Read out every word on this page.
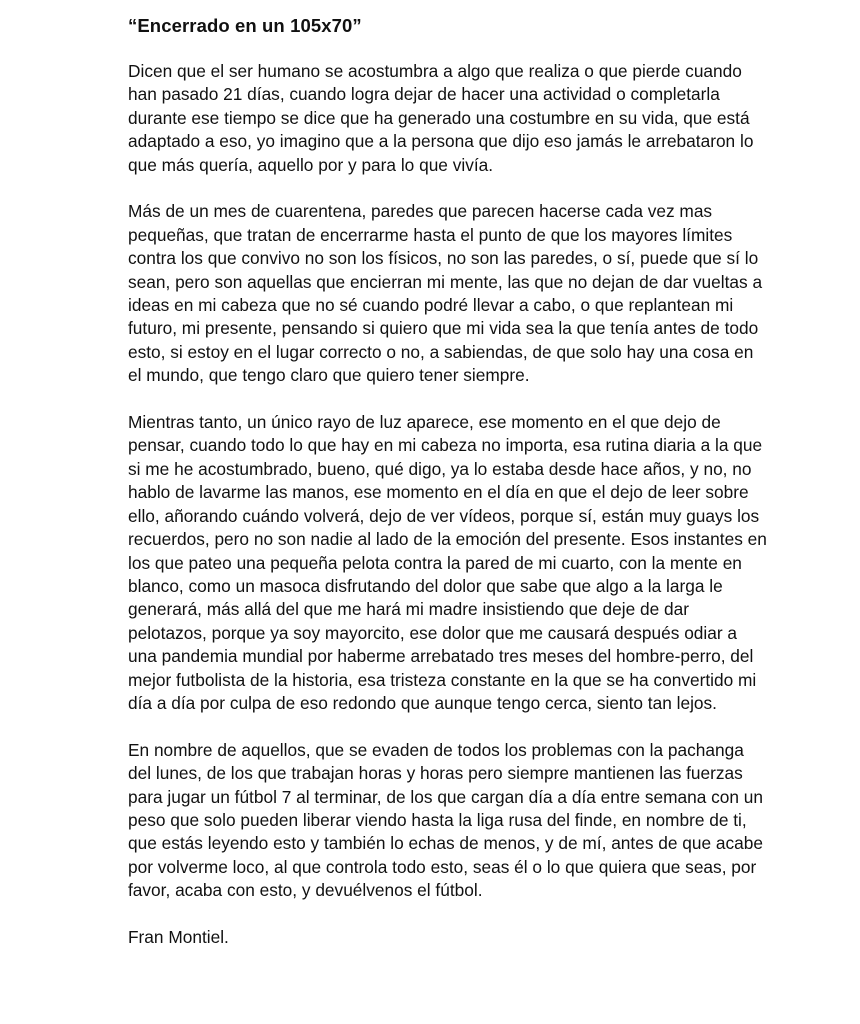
“Encerrado en un 105x70”

Dicen que el ser humano se acostumbra a algo que realiza o que pierde cuando han pasado 21 días, cuando logra dejar de hacer una actividad o completarla durante ese tiempo se dice que ha generado una costumbre en su vida, que está adaptado a eso, yo imagino que a la persona que dijo eso jamás le arrebataron lo que más quería, aquello por y para lo que vivía.

Más de un mes de cuarentena, paredes que parecen hacerse cada vez mas pequeñas, que tratan de encerrarme hasta el punto de que los mayores límites contra los que convivo no son los físicos, no son las paredes, o sí, puede que sí lo sean, pero son aquellas que encierran mi mente, las que no dejan de dar vueltas a ideas en mi cabeza que no sé cuando podré llevar a cabo, o que replantean mi futuro, mi presente, pensando si quiero que mi vida sea la que tenía antes de todo esto, si estoy en el lugar correcto o no, a sabiendas, de que solo hay una cosa en el mundo, que tengo claro que quiero tener siempre.

Mientras tanto, un único rayo de luz aparece, ese momento en el que dejo de pensar, cuando todo lo que hay en mi cabeza no importa, esa rutina diaria a la que si me he acostumbrado, bueno, qué digo, ya lo estaba desde hace años, y no, no hablo de lavarme las manos, ese momento en el día en que el dejo de leer sobre ello, añorando cuándo volverá, dejo de ver vídeos, porque sí, están muy guays los recuerdos, pero no son nadie al lado de la emoción del presente. Esos instantes en los que pateo una pequeña pelota contra la pared de mi cuarto, con la mente en blanco, como un masoca disfrutando del dolor que sabe que algo a la larga le generará, más allá del que me hará mi madre insistiendo que deje de dar pelotazos, porque ya soy mayorcito, ese dolor que me causará después odiar a una pandemia mundial por haberme arrebatado tres meses del hombre-perro, del mejor futbolista de la historia, esa tristeza constante en la que se ha convertido mi día a día por culpa de eso redondo que aunque tengo cerca, siento tan lejos.

En nombre de aquellos, que se evaden de todos los problemas con la pachanga del lunes, de los que trabajan horas y horas pero siempre mantienen las fuerzas para jugar un fútbol 7 al terminar, de los que cargan día a día entre semana con un peso que solo pueden liberar viendo hasta la liga rusa del finde, en nombre de ti, que estás leyendo esto y también lo echas de menos, y de mí, antes de que acabe por volverme loco, al que controla todo esto, seas él o lo que quiera que seas, por favor, acaba con esto, y devuélvenos el fútbol.

Fran Montiel.
